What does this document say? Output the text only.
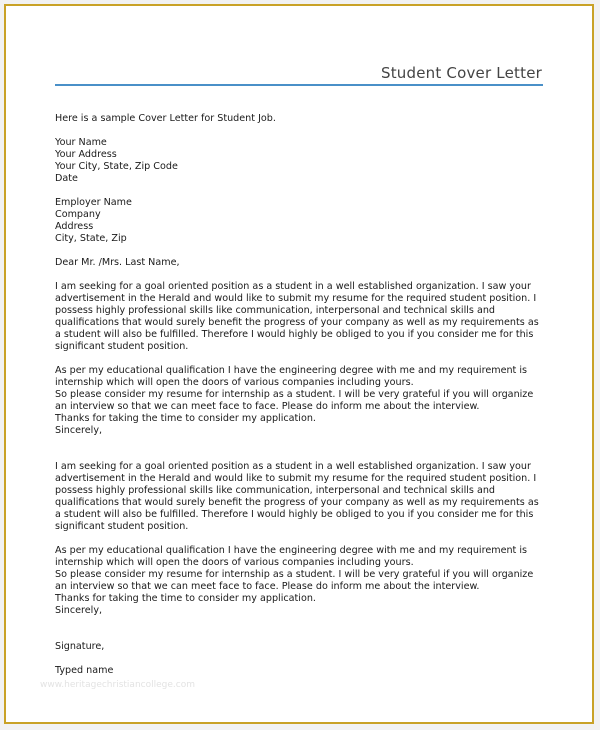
Student Cover Letter
Here is a sample Cover Letter for Student Job.
Your Name
Your Address
Your City, State, Zip Code
Date
Employer Name
Company
Address
City, State, Zip
Dear Mr. /Mrs. Last Name,
I am seeking for a goal oriented position as a student in a well established organization. I saw your
advertisement in the Herald and would like to submit my resume for the required student position. I
possess highly professional skills like communication, interpersonal and technical skills and
qualifications that would surely benefit the progress of your company as well as my requirements as
a student will also be fulfilled. Therefore I would highly be obliged to you if you consider me for this
significant student position.
As per my educational qualification I have the engineering degree with me and my requirement is
internship which will open the doors of various companies including yours.
So please consider my resume for internship as a student. I will be very grateful if you will organize
an interview so that we can meet face to face. Please do inform me about the interview.
Thanks for taking the time to consider my application.
Sincerely,
I am seeking for a goal oriented position as a student in a well established organization. I saw your
advertisement in the Herald and would like to submit my resume for the required student position. I
possess highly professional skills like communication, interpersonal and technical skills and
qualifications that would surely benefit the progress of your company as well as my requirements as
a student will also be fulfilled. Therefore I would highly be obliged to you if you consider me for this
significant student position.
As per my educational qualification I have the engineering degree with me and my requirement is
internship which will open the doors of various companies including yours.
So please consider my resume for internship as a student. I will be very grateful if you will organize
an interview so that we can meet face to face. Please do inform me about the interview.
Thanks for taking the time to consider my application.
Sincerely,
Signature,
Typed name
www.heritagechristiancollege.com
